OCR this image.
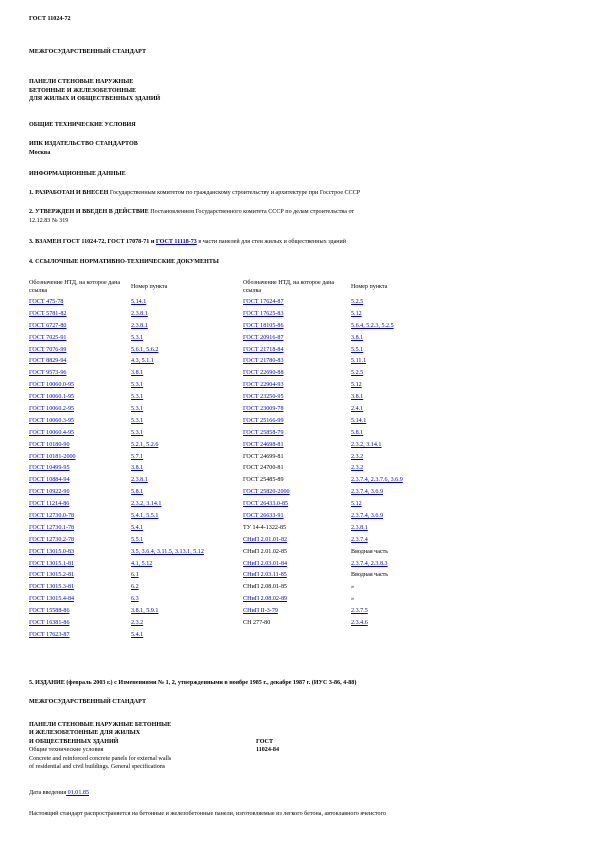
ГОСТ 11024-72
МЕЖГОСУДАРСТВЕННЫЙ СТАНДАРТ
ПАНЕЛИ СТЕНОВЫЕ НАРУЖНЫЕ
БЕТОННЫЕ И ЖЕЛЕЗОБЕТОННЫЕ
ДЛЯ ЖИЛЫХ И ОБЩЕСТВЕННЫХ ЗДАНИЙ
ОБЩИЕ ТЕХНИЧЕСКИЕ УСЛОВИЯ
ИПК ИЗДАТЕЛЬСТВО СТАНДАРТОВ
Москва
ИНФОРМАЦИОННЫЕ ДАННЫЕ
1. РАЗРАБОТАН И ВНЕСЕН Государственным комитетом по гражданскому строительству и архитектуре при Госстрое СССР
2. УТВЕРЖДЕН И ВВЕДЕН В ДЕЙСТВИЕ Постановлением Государственного комитета СССР по делам строительства от
12.12.83 № 319
3. ВЗАМЕН ГОСТ 11024-72, ГОСТ 17078-71 и ГОСТ 11118-73 в части панелей для стен жилых и общественных зданий
4. ССЫЛОЧНЫЕ НОРМАТИВНО-ТЕХНИЧЕСКИЕ ДОКУМЕНТЫ
Обозначение НТД, на которое дана ссылка	Номер пункта	Обозначение НТД, на которое дана ссылка	Номер пункта
ГОСТ 475-78	5.14.1	ГОСТ 17624-87	5.2.5
ГОСТ 5781-82	2.3.8.1	ГОСТ 17625-83	5.12
ГОСТ 6727-80	2.3.8.1	ГОСТ 18105-86	5.6.4, 5.2.3, 5.2.5
ГОСТ 7025-91	5.3.1	ГОСТ 20916-87	3.8.1
ГОСТ 7076-99	5.6.1, 5.6.2	ГОСТ 21718-84	5.5.1
ГОСТ 8829-94	4.3, 5.1.1	ГОСТ 21780-83	5.11.1
ГОСТ 9573-96	3.8.1	ГОСТ 22690-88	5.2.5
ГОСТ 10060.0-95	5.3.1	ГОСТ 22904-93	5.12
ГОСТ 10060.1-95	5.3.1	ГОСТ 23250-95	3.8.1
ГОСТ 10060.2-95	5.3.1	ГОСТ 23009-78	2.4.1
ГОСТ 10060.3-95	5.3.1	ГОСТ 25166-99	5.14.1
ГОСТ 10060.4-95	5.3.1	ГОСТ 25858-79	5.8.1
ГОСТ 10180-90	5.2.1, 5.2.6	ГОСТ 24698-81	2.3.2, 3.14.1
ГОСТ 10181-2000	5.7.1	ГОСТ 24699-81	2.3.2
ГОСТ 10499-95	3.8.1	ГОСТ 24700-81	2.3.2
ГОСТ 10884-94	2.3.8.1	ГОСТ 25485-89	2.3.7.4, 2.3.7.6, 3.6.9
ГОСТ 10922-90	5.8.1	ГОСТ 25820-2000	2.3.7.4, 3.6.9
ГОСТ 11214-86	2.3.2, 3.14.1	ГОСТ 26433.0-85	5.12
ГОСТ 12730.0-78	5.4.1, 5.5.1	ГОСТ 26633-91	2.3.7.4, 3.6.9
ГОСТ 12730.1-78	5.4.1	ТУ 14-4-1322-85	2.3.8.1
ГОСТ 12730.2-78	5.5.1	СНиП 2.01.01-82	2.3.7.4
ГОСТ 13015.0-83	3.5, 3.6.4, 3.11.5, 3.13.1, 5.12	СНиП 2.01.02-85	Вводная часть
ГОСТ 13015.1-81	4.1, 5.12	СНиП 2.03.01-84	2.3.7.4, 2.3.8.3
ГОСТ 13015.2-81	6.1	СНиП 2.03.11-85	Вводная часть
ГОСТ 13015.3-81	6.2	СНиП 2.08.01-85	»
ГОСТ 13015.4-84	6.3	СНиП 2.08.02-89	»
ГОСТ 15588-86	3.8.1, 5.9.1	СНиП II-3-79	2.3.7.5
ГОСТ 16381-86	2.3.2	СН 277-80	2.3.4.6
ГОСТ 17623-87	5.4.1		
5. ИЗДАНИЕ (февраль 2003 г.) с Изменениями № 1, 2, утвержденными в ноябре 1985 г., декабре 1987 г. (ИУС 3-86, 4-88)
МЕЖГОСУДАРСТВЕННЫЙ СТАНДАРТ
ПАНЕЛИ СТЕНОВЫЕ НАРУЖНЫЕ БЕТОННЫЕ
И ЖЕЛЕЗОБЕТОННЫЕ ДЛЯ ЖИЛЫХ
И ОБЩЕСТВЕННЫХ ЗДАНИЙ	ГОСТ
Общие технические условия	11024-84
Concrete and reinforced concrete panels for external walls
of residential and civil buildings. General specifications
Дата введения 01.01.85
Настоящий стандарт распространяется на бетонные и железобетонные панели, изготовляемые из легкого бетона, автоклавного ячеистого
